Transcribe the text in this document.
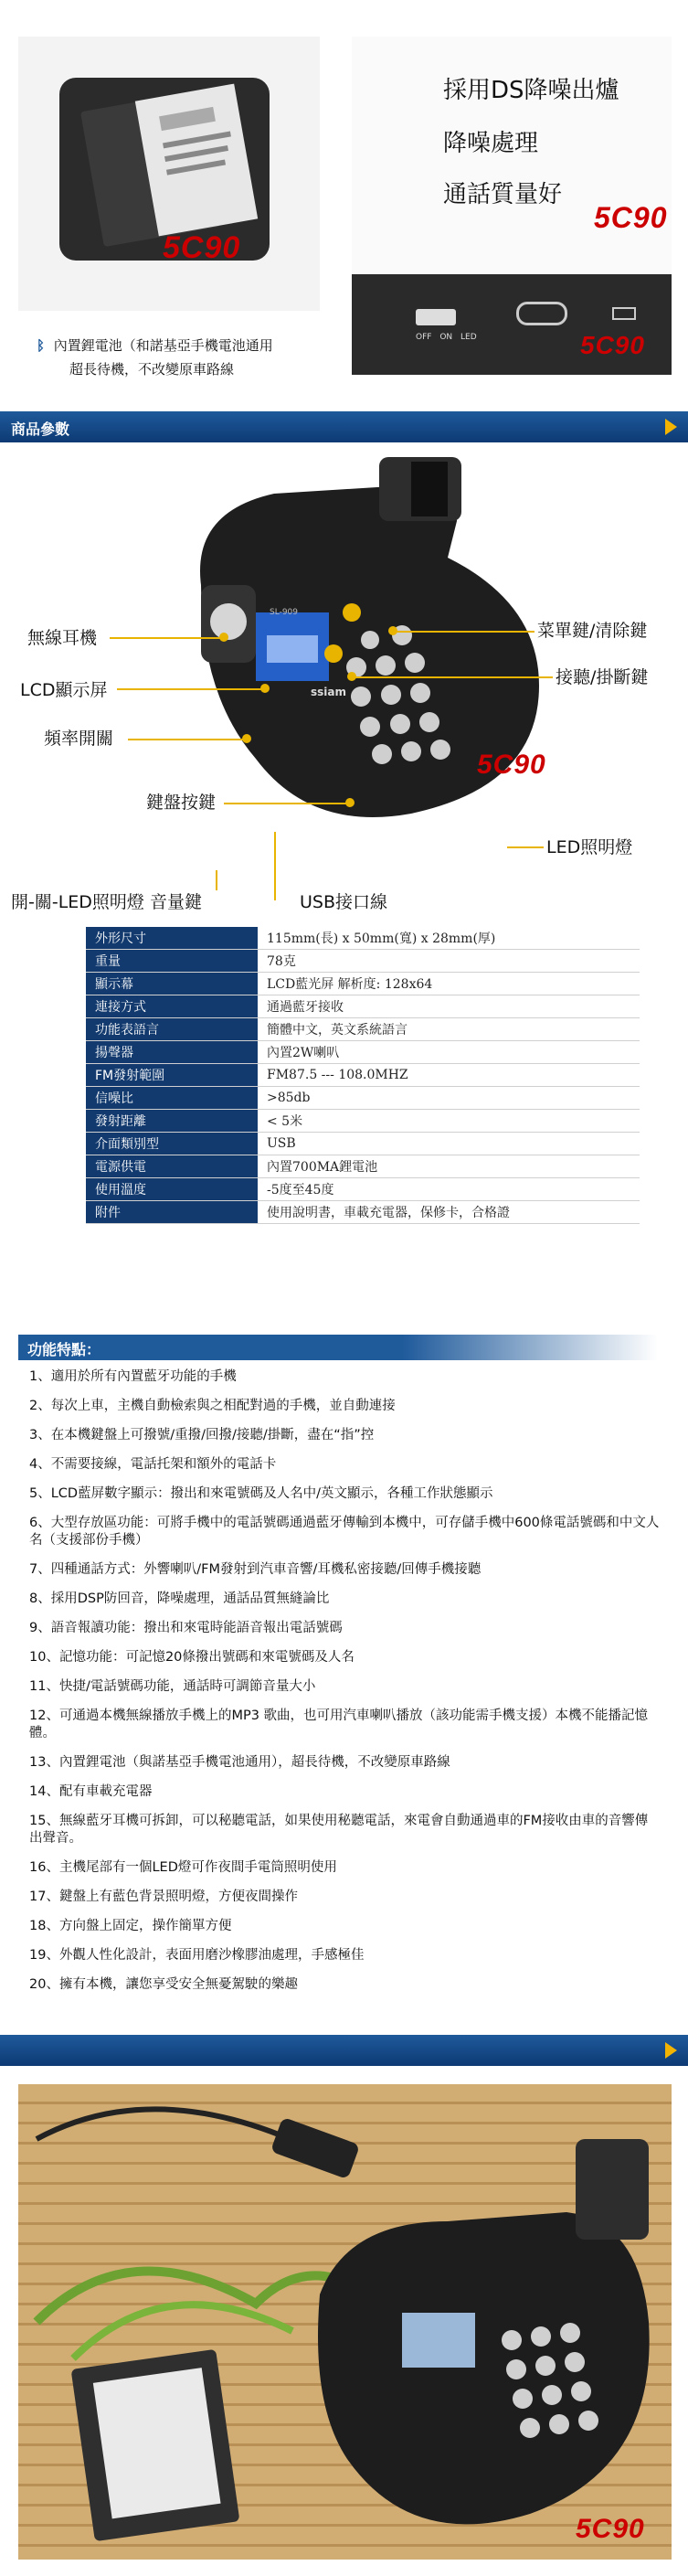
5C90
採用DS降噪出爐
降噪處理
通話質量好
5C90
OFF ON LED	5C90
ᛒ 內置鋰電池（和諾基亞手機電池通用
超長待機，不改變原車路線
商品參數
5C90
ssiam
SL-909
無線耳機
LCD顯示屏
頻率開關
鍵盤按鍵
開-關-LED照明燈 音量鍵	USB接口線
菜單鍵/清除鍵
接聽/掛斷鍵
LED照明燈
外形尺寸	115mm(長) x 50mm(寬) x 28mm(厚)
重量	78克
顯示幕	LCD藍光屏 解析度: 128x64
連接方式	通過藍牙接收
功能表語言	簡體中文，英文系統語言
揚聲器	內置2W喇叭
FM發射範圍	FM87.5 --- 108.0MHZ
信噪比	>85db
發射距離	< 5米
介面類別型	USB
電源供電	內置700MA鋰電池
使用溫度	-5度至45度
附件	使用說明書，車載充電器，保修卡，合格證
功能特點：
1、適用於所有內置藍牙功能的手機
2、每次上車，主機自動檢索與之相配對過的手機，並自動連接
3、在本機鍵盤上可撥號/重撥/回撥/接聽/掛斷，盡在“指”控
4、不需要接線，電話托架和額外的電話卡
5、LCD藍屏數字顯示：撥出和來電號碼及人名中/英文顯示，各種工作狀態顯示
6、大型存放區功能：可將手機中的電話號碼通過藍牙傳輸到本機中，可存儲手機中600條電話號碼和中文人名（支援部份手機）
7、四種通話方式：外響喇叭/FM發射到汽車音響/耳機私密接聽/回傳手機接聽
8、採用DSP防回音，降噪處理，通話品質無縫論比
9、語音報讀功能：撥出和來電時能語音報出電話號碼
10、記憶功能：可記憶20條撥出號碼和來電號碼及人名
11、快捷/電話號碼功能，通話時可調節音量大小
12、可通過本機無線播放手機上的MP3 歌曲，也可用汽車喇叭播放（該功能需手機支援）本機不能播記憶體。
13、內置鋰電池（與諾基亞手機電池通用），超長待機，不改變原車路線
14、配有車載充電器
15、無線藍牙耳機可拆卸，可以秘聽電話，如果使用秘聽電話，來電會自動通過車的FM接收由車的音響傳出聲音。
16、主機尾部有一個LED燈可作夜間手電筒照明使用
17、鍵盤上有藍色背景照明燈，方便夜間操作
18、方向盤上固定，操作簡單方便
19、外觀人性化設計，表面用磨沙橡膠油處理，手感極佳
20、擁有本機，讓您享受安全無憂駕駛的樂趣
5C90
